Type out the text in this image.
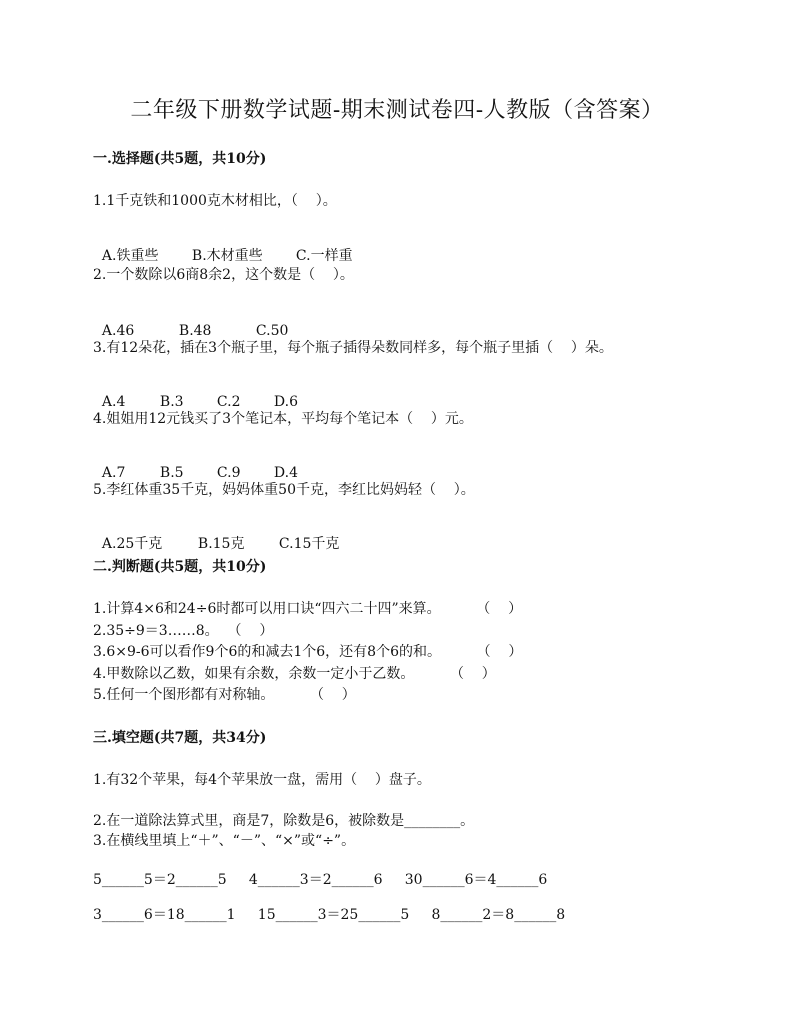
二年级下册数学试题-期末测试卷四-人教版（含答案）
一.选择题(共5题，共10分)
1.1千克铁和1000克木材相比，（    ）。

A.铁重些 B.木材重些 C.一样重

2.一个数除以6商8余2，这个数是（    ）。

A.46	B.48	C.50

3.有12朵花，插在3个瓶子里，每个瓶子插得朵数同样多，每个瓶子里插（    ）朵。

A.4 B.3 C.2 D.6

4.姐姐用12元钱买了3个笔记本，平均每个笔记本（    ）元。

A.7 B.5 C.9 D.4

5.李红体重35千克，妈妈体重50千克，李红比妈妈轻（    ）。

A.25千克	B.15克 C.15千克

二.判断题(共5题，共10分)
1.计算4×6和24÷6时都可以用口诀“四六二十四”来算。        （    ）
2.35÷9＝3……8。  （    ）
3.6×9-6可以看作9个6的和减去1个6，还有8个6的和。        （    ）
4.甲数除以乙数，如果有余数，余数一定小于乙数。        （    ）
5.任何一个图形都有对称轴。        （    ）
三.填空题(共7题，共34分)
1.有32个苹果，每4个苹果放一盘，需用（    ）盘子。
2.在一道除法算式里，商是7，除数是6，被除数是________。
3.在横线里填上“＋”、“－”、“×”或“÷”。
5______5＝2______5     4______3＝2______6     30______6＝4______6
3______6＝18______1     15______3＝25______5     8______2＝8______8
